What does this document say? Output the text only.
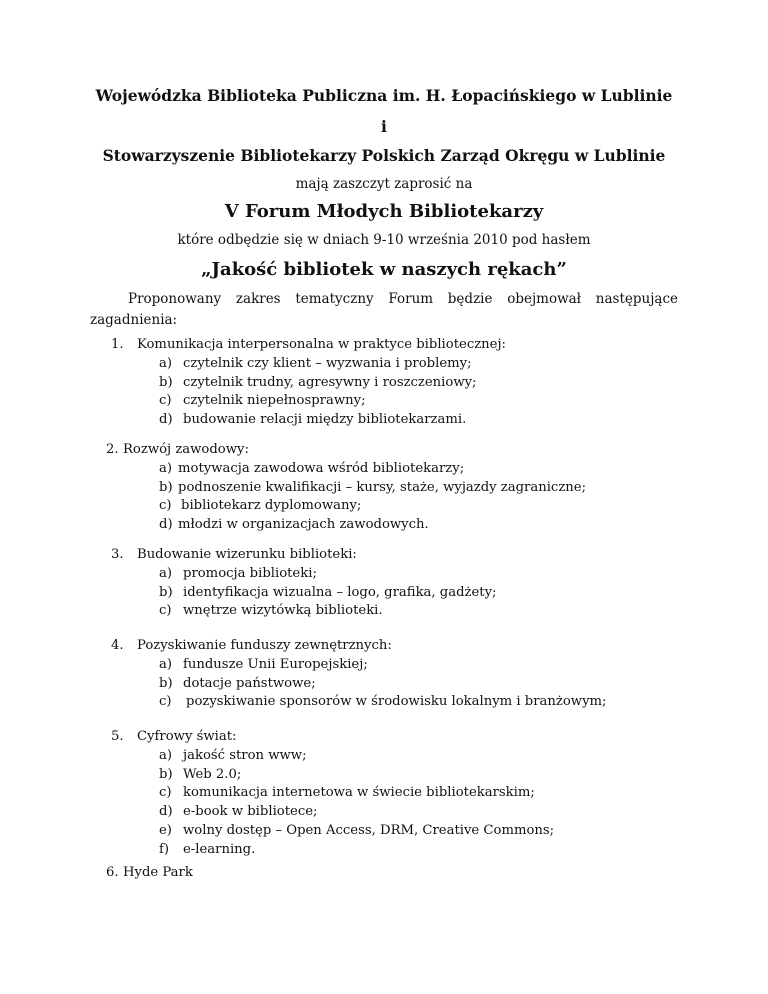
Wojewódzka Biblioteka Publiczna im. H. Łopacińskiego w Lublinie
i
Stowarzyszenie Bibliotekarzy Polskich Zarząd Okręgu w Lublinie
mają zaszczyt zaprosić na
V Forum Młodych Bibliotekarzy
które odbędzie się w dniach 9-10 września 2010 pod hasłem
„Jakość bibliotek w naszych rękach”
Proponowany zakres tematyczny Forum będzie obejmował następujące
zagadnienia:
1. Komunikacja interpersonalna w praktyce bibliotecznej:
a) czytelnik czy klient – wyzwania i problemy;
b) czytelnik trudny, agresywny i roszczeniowy;
c) czytelnik niepełnosprawny;
d) budowanie relacji między bibliotekarzami.
2. Rozwój zawodowy:
a) motywacja zawodowa wśród bibliotekarzy;
b) podnoszenie kwalifikacji – kursy, staże, wyjazdy zagraniczne;
c) bibliotekarz dyplomowany;
d) młodzi w organizacjach zawodowych.
3. Budowanie wizerunku biblioteki:
a) promocja biblioteki;
b) identyfikacja wizualna – logo, grafika, gadżety;
c) wnętrze wizytówką biblioteki.
4. Pozyskiwanie funduszy zewnętrznych:
a) fundusze Unii Europejskiej;
b) dotacje państwowe;
c) pozyskiwanie sponsorów w środowisku lokalnym i branżowym;
5. Cyfrowy świat:
a) jakość stron www;
b) Web 2.0;
c) komunikacja internetowa w świecie bibliotekarskim;
d) e-book w bibliotece;
e) wolny dostęp – Open Access, DRM, Creative Commons;
f) e-learning.
6. Hyde Park
